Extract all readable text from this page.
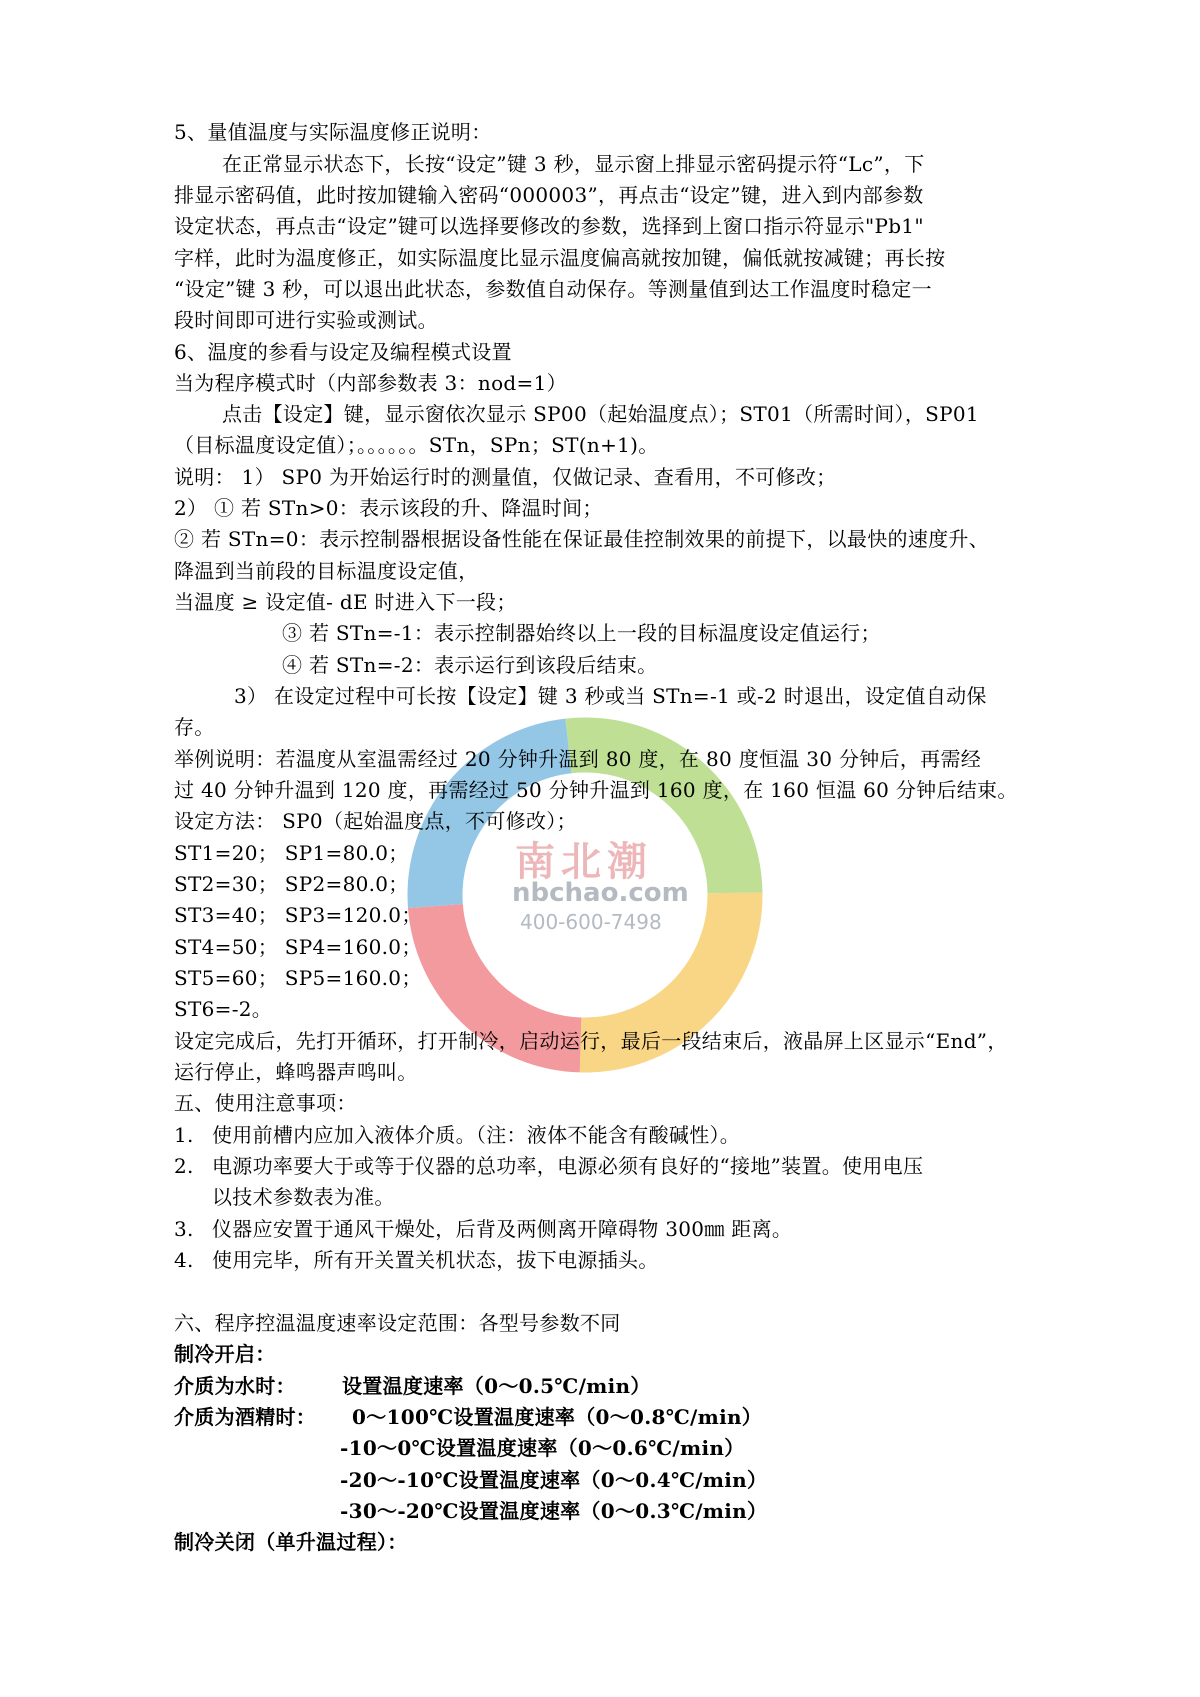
南北潮
nbchao.com
400-600-7498
5、量值温度与实际温度修正说明：
在正常显示状态下，长按“设定”键 3 秒，显示窗上排显示密码提示符“Lc”，下
排显示密码值，此时按加键输入密码“000003”，再点击“设定”键，进入到内部参数
设定状态，再点击“设定”键可以选择要修改的参数，选择到上窗口指示符显示"Pb1"
字样，此时为温度修正，如实际温度比显示温度偏高就按加键，偏低就按减键；再长按
“设定”键 3 秒，可以退出此状态，参数值自动保存。等测量值到达工作温度时稳定一
段时间即可进行实验或测试。
6、温度的参看与设定及编程模式设置
当为程序模式时（内部参数表 3：nod=1）
点击【设定】键，显示窗依次显示 SP00（起始温度点）；ST01（所需时间），SP01
（目标温度设定值）；。。。。。。STn，SPn；ST(n+1)。
说明： 1） SP0 为开始运行时的测量值，仅做记录、查看用，不可修改；
2） ① 若 STn>0：表示该段的升、降温时间；
② 若 STn=0：表示控制器根据设备性能在保证最佳控制效果的前提下，以最快的速度升、
降温到当前段的目标温度设定值，
当温度 ≥ 设定值- dE 时进入下一段；
③ 若 STn=-1：表示控制器始终以上一段的目标温度设定值运行；
④ 若 STn=-2：表示运行到该段后结束。
3） 在设定过程中可长按【设定】键 3 秒或当 STn=-1 或-2 时退出，设定值自动保
存。
举例说明：若温度从室温需经过 20 分钟升温到 80 度，在 80 度恒温 30 分钟后，再需经
过 40 分钟升温到 120 度，再需经过 50 分钟升温到 160 度，在 160 恒温 60 分钟后结束。
设定方法： SP0（起始温度点，不可修改）；
ST1=20； SP1=80.0；
ST2=30； SP2=80.0；
ST3=40； SP3=120.0；
ST4=50； SP4=160.0；
ST5=60； SP5=160.0；
ST6=-2。
设定完成后，先打开循环，打开制冷，启动运行，最后一段结束后，液晶屏上区显示“End”，
运行停止，蜂鸣器声鸣叫。
五、使用注意事项：
1. 使用前槽内应加入液体介质。（注：液体不能含有酸碱性）。
2. 电源功率要大于或等于仪器的总功率，电源必须有良好的“接地”装置。使用电压
以技术参数表为准。
3. 仪器应安置于通风干燥处，后背及两侧离开障碍物 300㎜ 距离。
4. 使用完毕，所有开关置关机状态，拔下电源插头。
六、程序控温温度速率设定范围：各型号参数不同
制冷开启：
介质为水时： 设置温度速率（0～0.5℃/min）
介质为酒精时： 0～100℃设置温度速率（0～0.8℃/min）
-10～0℃设置温度速率（0～0.6℃/min）
-20～-10℃设置温度速率（0～0.4℃/min）
-30～-20℃设置温度速率（0～0.3℃/min）
制冷关闭（单升温过程）：
